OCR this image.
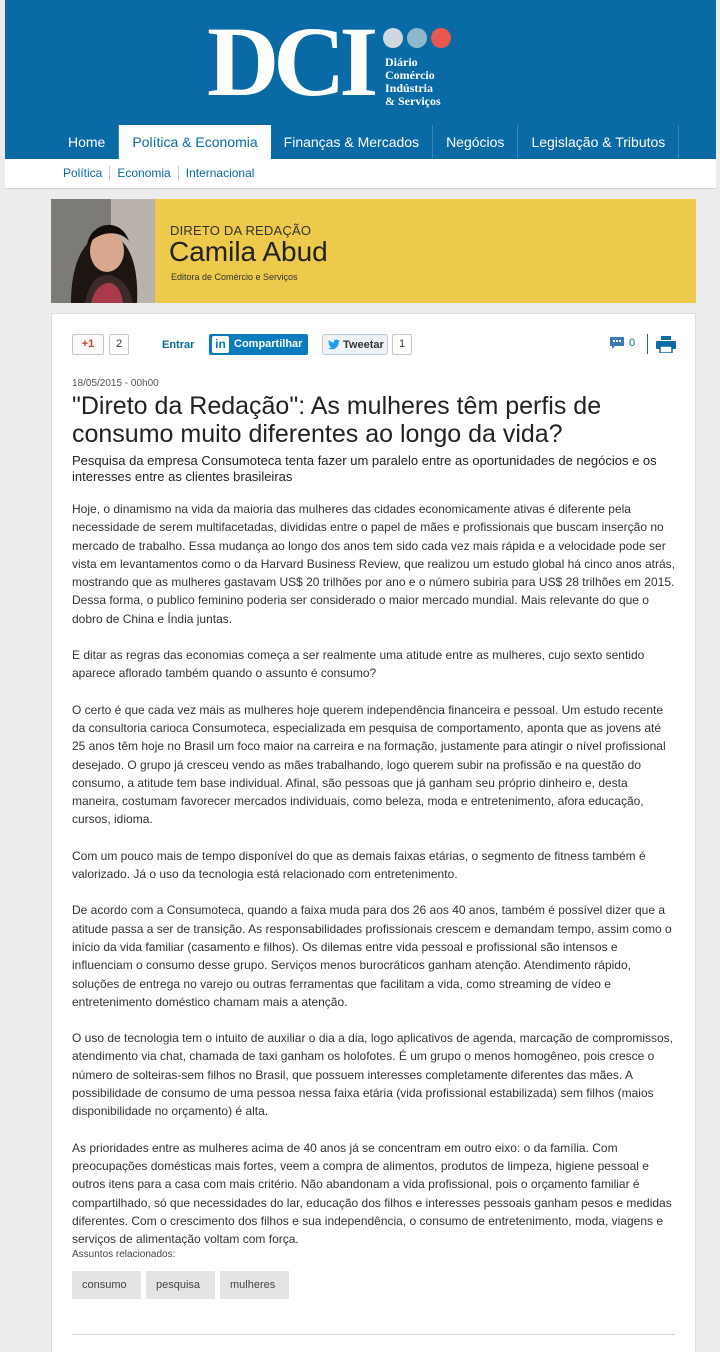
DCI Diário
Comércio
Indústria
& Serviços
Home	Política & Economia	Finanças & Mercados	Negócios	Legislação & Tributos
Política	Economia	Internacional
DIRETO DA REDAÇÃO
Camila Abud
Editora de Comércio e Serviços
+1	2	Entrar in Compartilhar	Tweetar	1	0
18/05/2015 - 00h00
"Direto da Redação": As mulheres têm perfis de consumo muito diferentes ao longo da vida?
Pesquisa da empresa Consumoteca tenta fazer um paralelo entre as oportunidades de negócios e os interesses entre as clientes brasileiras

Hoje, o dinamismo na vida da maioria das mulheres das cidades economicamente ativas é diferente pela necessidade de serem multifacetadas, divididas entre o papel de mães e profissionais que buscam inserção no mercado de trabalho. Essa mudança ao longo dos anos tem sido cada vez mais rápida e a velocidade pode ser vista em levantamentos como o da Harvard Business Review, que realizou um estudo global há cinco anos atrás, mostrando que as mulheres gastavam US$ 20 trilhões por ano e o número subiria para US$ 28 trilhões em 2015. Dessa forma, o publico feminino poderia ser considerado o maior mercado mundial. Mais relevante do que o dobro de China e Índia juntas.

E ditar as regras das economias começa a ser realmente uma atitude entre as mulheres, cujo sexto sentido aparece aflorado também quando o assunto é consumo?

O certo é que cada vez mais as mulheres hoje querem independência financeira e pessoal. Um estudo recente da consultoria carioca Consumoteca, especializada em pesquisa de comportamento, aponta que as jovens até 25 anos têm hoje no Brasil um foco maior na carreira e na formação, justamente para atingir o nível profissional desejado. O grupo já cresceu vendo as mães trabalhando, logo querem subir na profissão e na questão do consumo, a atitude tem base individual. Afinal, são pessoas que já ganham seu próprio dinheiro e, desta maneira, costumam favorecer mercados individuais, como beleza, moda e entretenimento, afora educação, cursos, idioma.

Com um pouco mais de tempo disponível do que as demais faixas etárias, o segmento de fitness também é valorizado. Já o uso da tecnologia está relacionado com entretenimento.

De acordo com a Consumoteca, quando a faixa muda para dos 26 aos 40 anos, também é possível dizer que a atitude passa a ser de transição. As responsabilidades profissionais crescem e demandam tempo, assim como o início da vida familiar (casamento e filhos). Os dilemas entre vida pessoal e profissional são intensos e influenciam o consumo desse grupo. Serviços menos burocráticos ganham atenção. Atendimento rápido, soluções de entrega no varejo ou outras ferramentas que facilitam a vida, como streaming de vídeo e entretenimento doméstico chamam mais a atenção.

O uso de tecnologia tem o intuito de auxiliar o dia a dia, logo aplicativos de agenda, marcação de compromissos, atendimento via chat, chamada de taxi ganham os holofotes. É um grupo o menos homogêneo, pois cresce o número de solteiras-sem filhos no Brasil, que possuem interesses completamente diferentes das mães. A possibilidade de consumo de uma pessoa nessa faixa etária (vida profissional estabilizada) sem filhos (maios disponibilidade no orçamento) é alta.

As prioridades entre as mulheres acima de 40 anos já se concentram em outro eixo: o da família. Com preocupações domésticas mais fortes, veem a compra de alimentos, produtos de limpeza, higiene pessoal e outros itens para a casa com mais critério. Não abandonam a vida profissional, pois o orçamento familiar é compartilhado, só que necessidades do lar, educação dos filhos e interesses pessoais ganham pesos e medidas diferentes. Com o crescimento dos filhos e sua independência, o consumo de entretenimento, moda, viagens e serviços de alimentação voltam com força.

Assuntos relacionados:
consumo	pesquisa	mulheres
